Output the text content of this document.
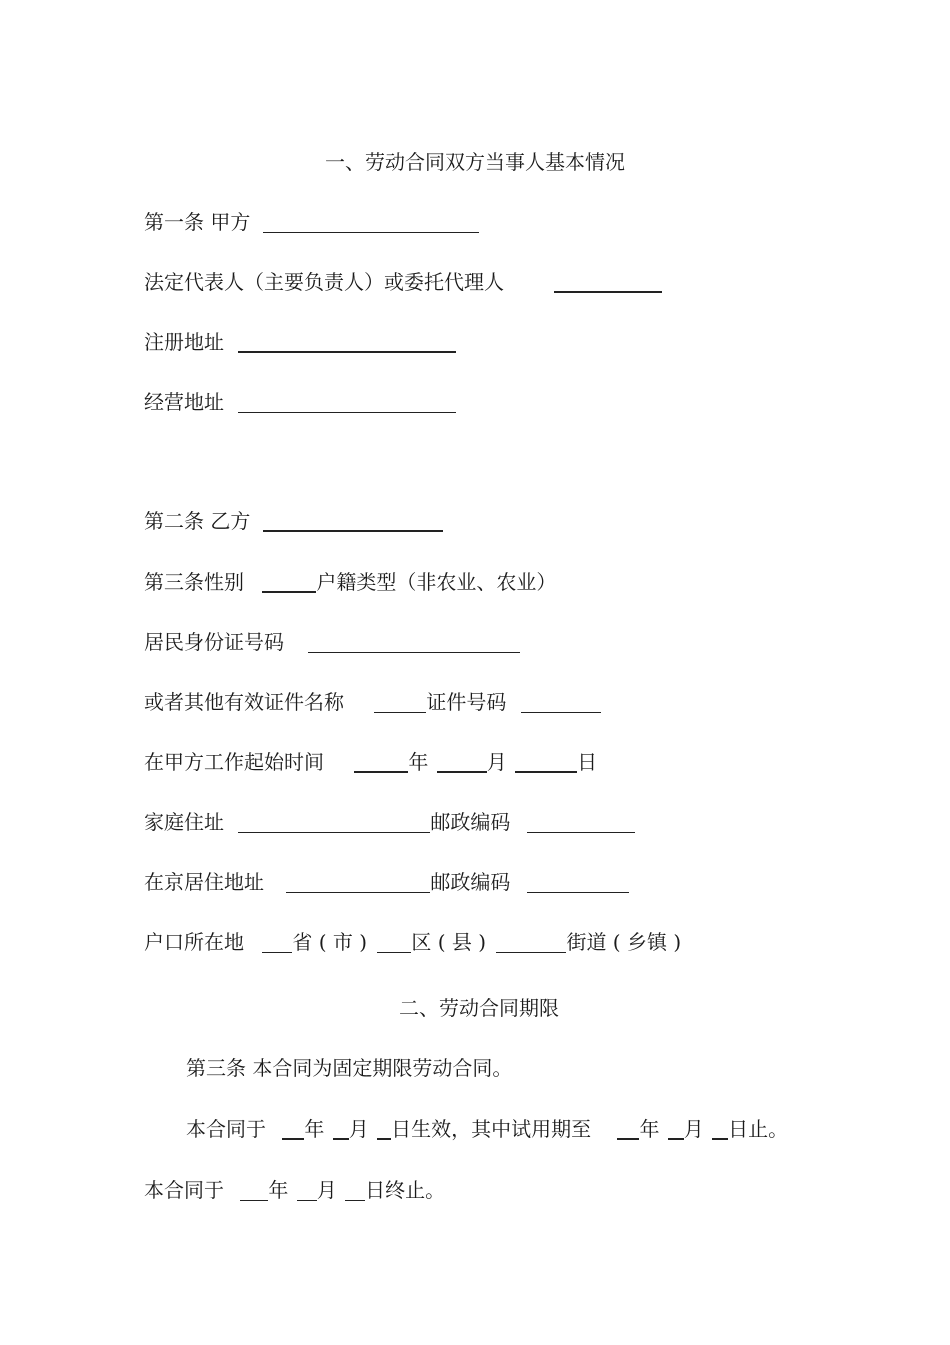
一、劳动合同双方当事人基本情况
第一条 甲方
法定代表人（主要负责人）或委托代理人
注册地址
经营地址
第二条 乙方
第三条性别	户籍类型（非农业、农业）
居民身份证号码
或者其他有效证件名称	证件号码
在甲方工作起始时间	年	月	日
家庭住址	邮政编码
在京居住地址	邮政编码
户口所在地 省 ( 市 ) 区 ( 县 )	街道 ( 乡镇 )
二、劳动合同期限
第三条 本合同为固定期限劳动合同。
本合同于 年 月 日生效，其中试用期至 年 月 日止。
本合同于 年 月 日终止。
